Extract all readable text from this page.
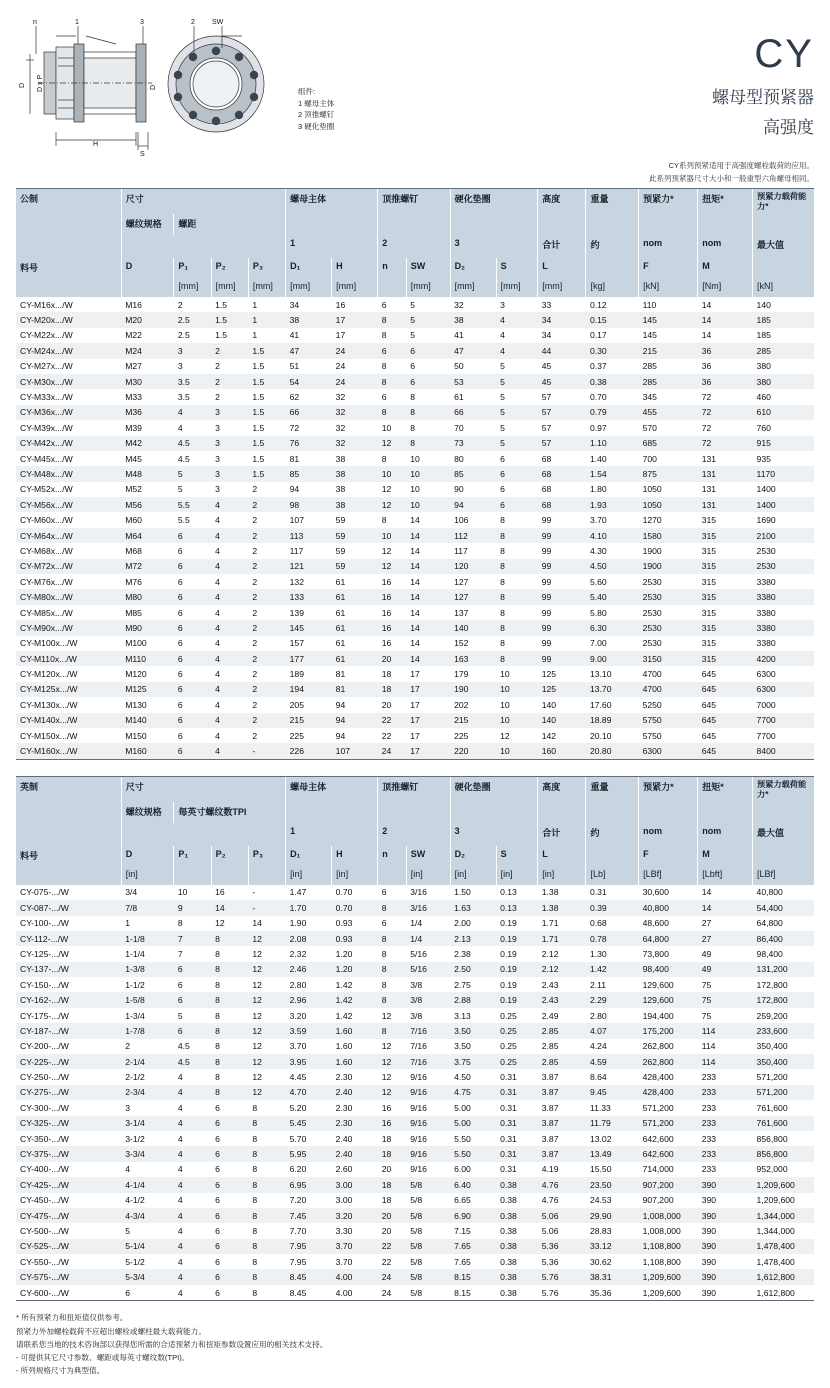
n	1	3	2 SW
D x P
D	D
H
S
组件:
1 螺母主体
2 顶推螺钉
3 硬化垫圈
CY
螺母型预紧器
高强度
CY系列预紧适用于高强度螺栓载荷的应用。
此系列预紧器尺寸大小和一般重型六角螺母相同。
公制	尺寸				螺母主体		顶推螺钉		硬化垫圈		高度	重量	预紧力*	扭矩*	预紧力载荷能力*
	螺纹规格	螺距													
					1		2		3		合计	约	nom	nom	最大值
料号	D	P₁	P₂	P₃	D₁	H	n	SW	D₂	S	L		F	M	
		[mm]	[mm]	[mm]	[mm]	[mm]		[mm]	[mm]	[mm]	[mm]	[kg]	[kN]	[Nm]	[kN]
CY-M16x.../W	M16	2	1.5	1	34	16	6	5	32	3	33	0.12	110	14	140
CY-M20x.../W	M20	2.5	1.5	1	38	17	8	5	38	4	34	0.15	145	14	185
CY-M22x.../W	M22	2.5	1.5	1	41	17	8	5	41	4	34	0.17	145	14	185
CY-M24x.../W	M24	3	2	1.5	47	24	6	6	47	4	44	0.30	215	36	285
CY-M27x.../W	M27	3	2	1.5	51	24	8	6	50	5	45	0.37	285	36	380
CY-M30x.../W	M30	3.5	2	1.5	54	24	8	6	53	5	45	0.38	285	36	380
CY-M33x.../W	M33	3.5	2	1.5	62	32	6	8	61	5	57	0.70	345	72	460
CY-M36x.../W	M36	4	3	1.5	66	32	8	8	66	5	57	0.79	455	72	610
CY-M39x.../W	M39	4	3	1.5	72	32	10	8	70	5	57	0.97	570	72	760
CY-M42x.../W	M42	4.5	3	1.5	76	32	12	8	73	5	57	1.10	685	72	915
CY-M45x.../W	M45	4.5	3	1.5	81	38	8	10	80	6	68	1.40	700	131	935
CY-M48x.../W	M48	5	3	1.5	85	38	10	10	85	6	68	1.54	875	131	1170
CY-M52x.../W	M52	5	3	2	94	38	12	10	90	6	68	1.80	1050	131	1400
CY-M56x.../W	M56	5.5	4	2	98	38	12	10	94	6	68	1.93	1050	131	1400
CY-M60x.../W	M60	5.5	4	2	107	59	8	14	106	8	99	3.70	1270	315	1690
CY-M64x.../W	M64	6	4	2	113	59	10	14	112	8	99	4.10	1580	315	2100
CY-M68x.../W	M68	6	4	2	117	59	12	14	117	8	99	4.30	1900	315	2530
CY-M72x.../W	M72	6	4	2	121	59	12	14	120	8	99	4.50	1900	315	2530
CY-M76x.../W	M76	6	4	2	132	61	16	14	127	8	99	5.60	2530	315	3380
CY-M80x.../W	M80	6	4	2	133	61	16	14	127	8	99	5.40	2530	315	3380
CY-M85x.../W	M85	6	4	2	139	61	16	14	137	8	99	5.80	2530	315	3380
CY-M90x.../W	M90	6	4	2	145	61	16	14	140	8	99	6.30	2530	315	3380
CY-M100x.../W	M100	6	4	2	157	61	16	14	152	8	99	7.00	2530	315	3380
CY-M110x.../W	M110	6	4	2	177	61	20	14	163	8	99	9.00	3150	315	4200
CY-M120x.../W	M120	6	4	2	189	81	18	17	179	10	125	13.10	4700	645	6300
CY-M125x.../W	M125	6	4	2	194	81	18	17	190	10	125	13.70	4700	645	6300
CY-M130x.../W	M130	6	4	2	205	94	20	17	202	10	140	17.60	5250	645	7000
CY-M140x.../W	M140	6	4	2	215	94	22	17	215	10	140	18.89	5750	645	7700
CY-M150x.../W	M150	6	4	2	225	94	22	17	225	12	142	20.10	5750	645	7700
CY-M160x.../W	M160	6	4	-	226	107	24	17	220	10	160	20.80	6300	645	8400
英制	尺寸				螺母主体		顶推螺钉		硬化垫圈		高度	重量	预紧力*	扭矩*	预紧力载荷能力*
	螺纹规格	每英寸螺纹数TPI													
					1		2		3		合计	约	nom	nom	最大值
料号	D	P₁	P₂	P₃	D₁	H	n	SW	D₂	S	L		F	M	
	[in]				[in]	[in]		[in]	[in]	[in]	[in]	[Lb]	[LBf]	[Lbft]	[LBf]
CY-075-.../W	3/4	10	16	-	1.47	0.70	6	3/16	1.50	0.13	1.38	0.31	30,600	14	40,800
CY-087-.../W	7/8	9	14	-	1.70	0.70	8	3/16	1.63	0.13	1.38	0.39	40,800	14	54,400
CY-100-.../W	1	8	12	14	1.90	0.93	6	1/4	2.00	0.19	1.71	0.68	48,600	27	64,800
CY-112-.../W	1-1/8	7	8	12	2.08	0.93	8	1/4	2.13	0.19	1.71	0.78	64,800	27	86,400
CY-125-.../W	1-1/4	7	8	12	2.32	1.20	8	5/16	2.38	0.19	2.12	1.30	73,800	49	98,400
CY-137-.../W	1-3/8	6	8	12	2.46	1.20	8	5/16	2.50	0.19	2.12	1.42	98,400	49	131,200
CY-150-.../W	1-1/2	6	8	12	2.80	1.42	8	3/8	2.75	0.19	2.43	2.11	129,600	75	172,800
CY-162-.../W	1-5/8	6	8	12	2.96	1.42	8	3/8	2.88	0.19	2.43	2.29	129,600	75	172,800
CY-175-.../W	1-3/4	5	8	12	3.20	1.42	12	3/8	3.13	0.25	2.49	2.80	194,400	75	259,200
CY-187-.../W	1-7/8	6	8	12	3.59	1.60	8	7/16	3.50	0.25	2.85	4.07	175,200	114	233,600
CY-200-.../W	2	4.5	8	12	3.70	1.60	12	7/16	3.50	0.25	2.85	4.24	262,800	114	350,400
CY-225-.../W	2-1/4	4.5	8	12	3.95	1.60	12	7/16	3.75	0.25	2.85	4.59	262,800	114	350,400
CY-250-.../W	2-1/2	4	8	12	4.45	2.30	12	9/16	4.50	0.31	3.87	8.64	428,400	233	571,200
CY-275-.../W	2-3/4	4	8	12	4.70	2.40	12	9/16	4.75	0.31	3.87	9.45	428,400	233	571,200
CY-300-.../W	3	4	6	8	5.20	2.30	16	9/16	5.00	0.31	3.87	11.33	571,200	233	761,600
CY-325-.../W	3-1/4	4	6	8	5.45	2.30	16	9/16	5.00	0.31	3.87	11.79	571,200	233	761,600
CY-350-.../W	3-1/2	4	6	8	5.70	2.40	18	9/16	5.50	0.31	3.87	13.02	642,600	233	856,800
CY-375-.../W	3-3/4	4	6	8	5.95	2.40	18	9/16	5.50	0.31	3.87	13.49	642,600	233	856,800
CY-400-.../W	4	4	6	8	6.20	2.60	20	9/16	6.00	0.31	4.19	15.50	714,000	233	952,000
CY-425-.../W	4-1/4	4	6	8	6.95	3.00	18	5/8	6.40	0.38	4.76	23.50	907,200	390	1,209,600
CY-450-.../W	4-1/2	4	6	8	7.20	3.00	18	5/8	6.65	0.38	4.76	24.53	907,200	390	1,209,600
CY-475-.../W	4-3/4	4	6	8	7.45	3.20	20	5/8	6.90	0.38	5.06	29.90	1,008,000	390	1,344,000
CY-500-.../W	5	4	6	8	7.70	3.30	20	5/8	7.15	0.38	5.06	28.83	1,008,000	390	1,344,000
CY-525-.../W	5-1/4	4	6	8	7.95	3.70	22	5/8	7.65	0.38	5.36	33.12	1,108,800	390	1,478,400
CY-550-.../W	5-1/2	4	6	8	7.95	3.70	22	5/8	7.65	0.38	5.36	30.62	1,108,800	390	1,478,400
CY-575-.../W	5-3/4	4	6	8	8.45	4.00	24	5/8	8.15	0.38	5.76	38.31	1,209,600	390	1,612,800
CY-600-.../W	6	4	6	8	8.45	4.00	24	5/8	8.15	0.38	5.76	35.36	1,209,600	390	1,612,800
* 所有预紧力和扭矩值仅供参考。
预紧力外加螺栓载荷不应超出螺栓或螺柱最大载荷能力。
请联系您当地的技术咨询部以获得您所需的合适预紧力和扭矩参数设置应用的相关技术支持。
- 可提供其它尺寸参数、螺距或每英寸螺纹数(TPI)。
- 所列规格尺寸为典型值。
